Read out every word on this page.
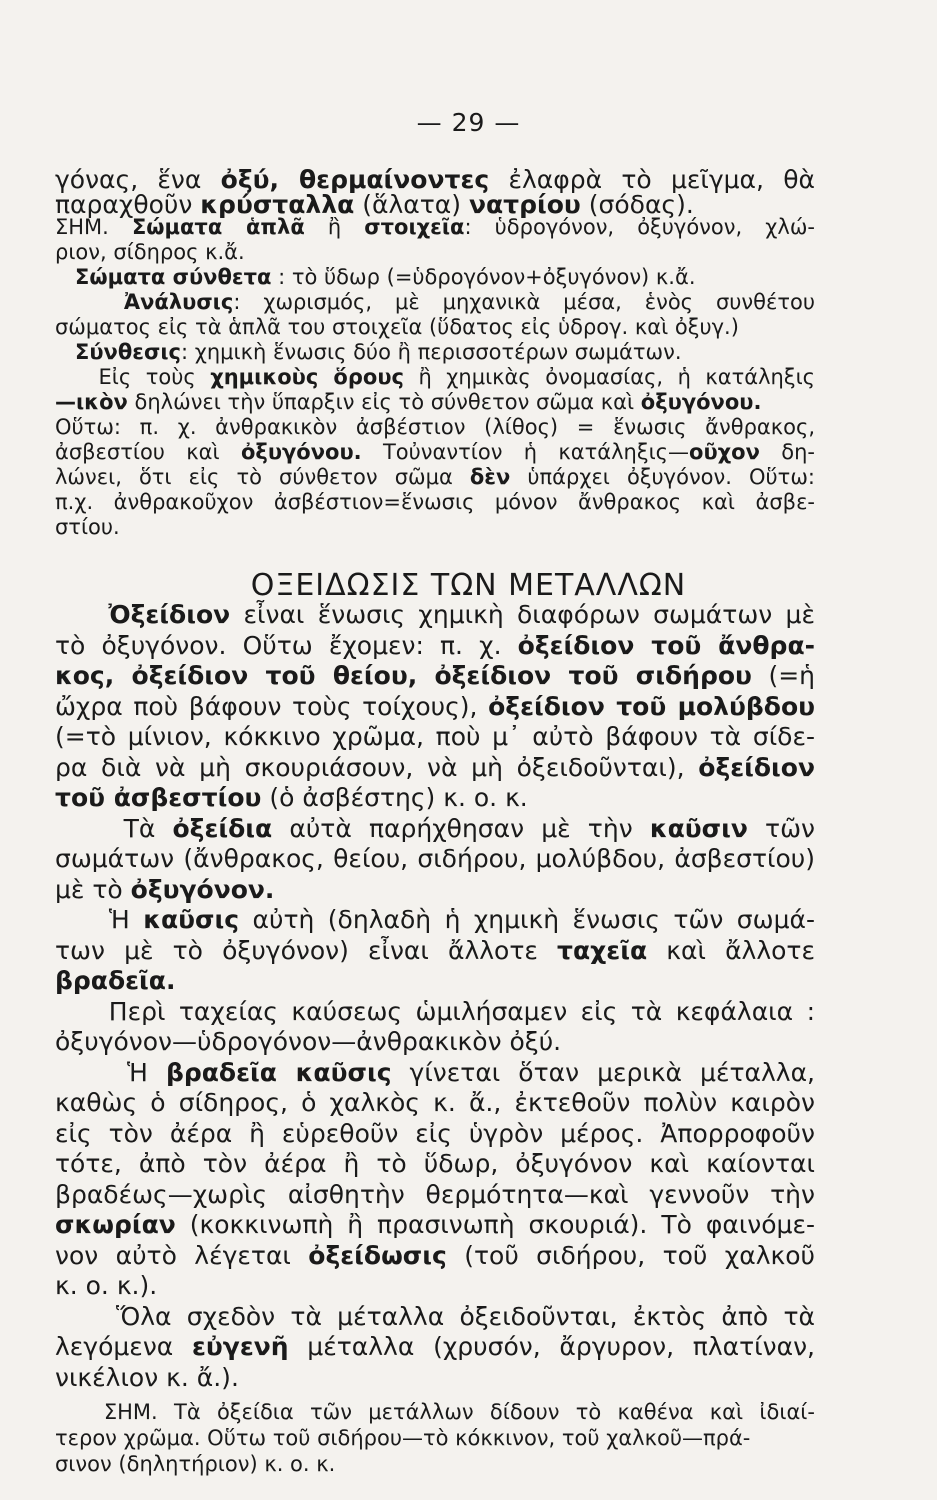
— 29 —
ΟΞΕΙΔΩΣΙΣ ΤΩΝ ΜΕΤΑΛΛΩΝ
γόνας, ἕνα ὀξύ, θερμαίνοντες ἐλαφρὰ τὸ μεῖγμα, θὰ
παραχθοῦν κρύσταλλα (ἅλατα) νατρίου (σόδας).
ΣΗΜ. Σώματα ἁπλᾶ ἢ στοιχεῖα: ὑδρογόνον, ὀξυγόνον, χλώ-
ριον, σίδηρος κ.ἄ.
Σώματα σύνθετα : τὸ ὕδωρ (=ὑδρογόνον+ὀξυγόνον) κ.ἄ.
Ἀνάλυσις: χωρισμός, μὲ μηχανικὰ μέσα, ἑνὸς συνθέτου
σώματος εἰς τὰ ἁπλᾶ του στοιχεῖα (ὕδατος εἰς ὑδρογ. καὶ ὀξυγ.)
Σύνθεσις: χημικὴ ἕνωσις δύο ἢ περισσοτέρων σωμάτων.
Εἰς τοὺς χημικοὺς ὅρους ἢ χημικὰς ὀνομασίας, ἡ κατάληξις
—ικὸν δηλώνει τὴν ὕπαρξιν εἰς τὸ σύνθετον σῶμα καὶ ὀξυγόνου.
Οὕτω: π. χ. ἀνθρακικὸν ἀσβέστιον (λίθος) = ἕνωσις ἄνθρακος,
ἀσβεστίου καὶ ὀξυγόνου. Τοὐναντίον ἡ κατάληξις—οῦχον δη-
λώνει, ὅτι εἰς τὸ σύνθετον σῶμα δὲν ὑπάρχει ὀξυγόνον. Οὕτω:
π.χ. ἀνθρακοῦχον ἀσβέστιον=ἕνωσις μόνον ἄνθρακος καὶ ἀσβε-
στίου.
Ὀξείδιον εἶναι ἕνωσις χημικὴ διαφόρων σωμάτων μὲ
τὸ ὀξυγόνον. Οὕτω ἔχομεν: π. χ. ὀξείδιον τοῦ ἄνθρα-
κος, ὀξείδιον τοῦ θείου, ὀξείδιον τοῦ σιδήρου (=ἡ
ὤχρα ποὺ βάφουν τοὺς τοίχους), ὀξείδιον τοῦ μολύβδου
(=τὸ μίνιον, κόκκινο χρῶμα, ποὺ μ᾿ αὐτὸ βάφουν τὰ σίδε-
ρα διὰ νὰ μὴ σκουριάσουν, νὰ μὴ ὀξειδοῦνται), ὀξείδιον
τοῦ ἀσβεστίου (ὁ ἀσβέστης) κ. ο. κ.
Τὰ ὀξείδια αὐτὰ παρήχθησαν μὲ τὴν καῦσιν τῶν
σωμάτων (ἄνθρακος, θείου, σιδήρου, μολύβδου, ἀσβεστίου)
μὲ τὸ ὀξυγόνον.
Ἡ καῦσις αὐτὴ (δηλαδὴ ἡ χημικὴ ἕνωσις τῶν σωμά-
των μὲ τὸ ὀξυγόνον) εἶναι ἄλλοτε ταχεῖα καὶ ἄλλοτε
βραδεῖα.
Περὶ ταχείας καύσεως ὡμιλήσαμεν εἰς τὰ κεφάλαια :
ὀξυγόνον—ὑδρογόνον—ἀνθρακικὸν ὀξύ.
Ἡ βραδεῖα καῦσις γίνεται ὅταν μερικὰ μέταλλα,
καθὼς ὁ σίδηρος, ὁ χαλκὸς κ. ἄ., ἐκτεθοῦν πολὺν καιρὸν
εἰς τὸν ἀέρα ἢ εὑρεθοῦν εἰς ὑγρὸν μέρος. Ἀπορροφοῦν
τότε, ἀπὸ τὸν ἀέρα ἢ τὸ ὕδωρ, ὀξυγόνον καὶ καίονται
βραδέως—χωρὶς αἰσθητὴν θερμότητα—καὶ γεννοῦν τὴν
σκωρίαν (κοκκινωπὴ ἢ πρασινωπὴ σκουριά). Τὸ φαινόμε-
νον αὐτὸ λέγεται ὀξείδωσις (τοῦ σιδήρου, τοῦ χαλκοῦ
κ. ο. κ.).
Ὅλα σχεδὸν τὰ μέταλλα ὀξειδοῦνται, ἐκτὸς ἀπὸ τὰ
λεγόμενα εὐγενῆ μέταλλα (χρυσόν, ἄργυρον, πλατίναν,
νικέλιον κ. ἄ.).
ΣΗΜ. Τὰ ὀξείδια τῶν μετάλλων δίδουν τὸ καθένα καὶ ἰδιαί-
τερον χρῶμα. Οὕτω τοῦ σιδήρου—τὸ κόκκινον, τοῦ χαλκοῦ—πρά-
σινον (δηλητήριον) κ. ο. κ.
